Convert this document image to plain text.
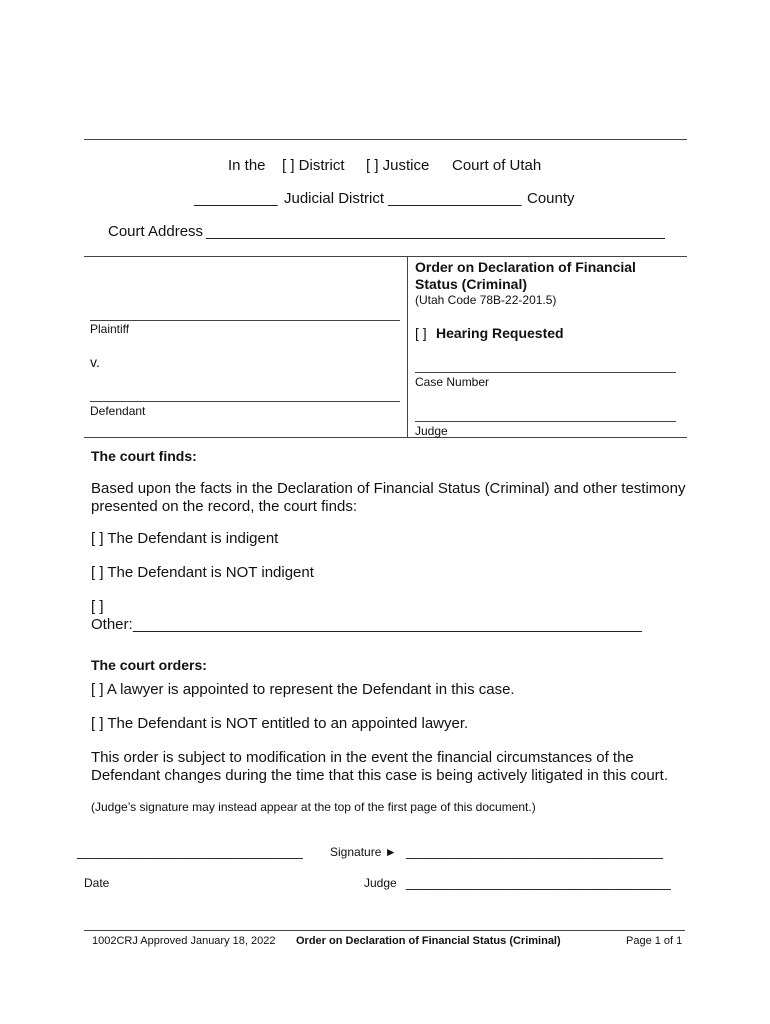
In the [ ] District [ ] Justice Court of Utah
__________ Judicial District ________________ County
Court Address _______________________________________________________
Plaintiff
v.
Defendant
Order on Declaration of Financial
Status (Criminal)
(Utah Code 78B-22-201.5)
[ ] Hearing Requested
Case Number
Judge
The court finds:
Based upon the facts in the Declaration of Financial Status (Criminal) and other testimony presented on the record, the court finds:
[ ] The Defendant is indigent
[ ] The Defendant is NOT indigent
[ ]
Other: _____________________________________________________________
The court orders:
[ ] A lawyer is appointed to represent the Defendant in this case.
[ ] The Defendant is NOT entitled to an appointed lawyer.
This order is subject to modification in the event the financial circumstances of the Defendant changes during the time that this case is being actively litigated in this court.
(Judge’s signature may instead appear at the top of the first page of this document.)
_____________________________
Date
Signature ► _________________________________
Judge __________________________________
1002CRJ Approved January 18, 2022 Order on Declaration of Financial Status (Criminal)	Page 1 of 1
